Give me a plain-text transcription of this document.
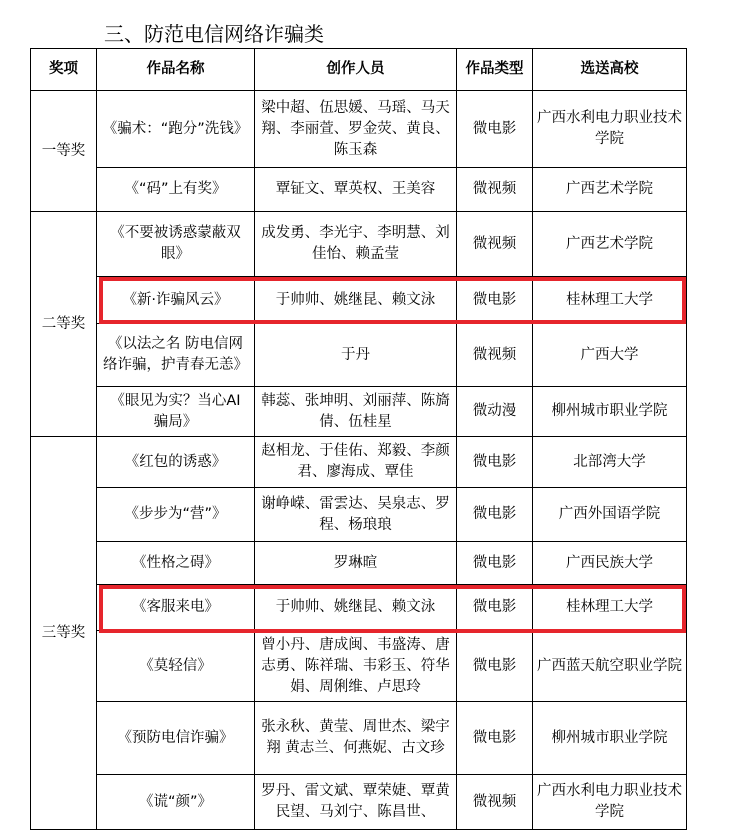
三、防范电信网络诈骗类
奖项	作品名称	创作人员	作品类型	选送高校
一等奖	《骗术：“跑分”洗钱》	梁中超、伍思媛、马瑶、马天翔、李丽萱、罗金荧、黄良、陈玉森	微电影	广西水利电力职业技术学院
	《“码”上有奖》	覃钲文、覃英权、王美容	微视频	广西艺术学院
二等奖	《不要被诱惑蒙蔽双眼》	成发勇、李光宇、李明慧、刘佳怡、赖孟莹	微视频	广西艺术学院
	《新·诈骗风云》	于帅帅、姚继昆、赖文泳	微电影	桂林理工大学
	《以法之名 防电信网络诈骗，护青春无恙》	于丹	微视频	广西大学
	《眼见为实？当心AI 骗局》	韩蕊、张坤明、刘丽萍、陈旖倩、伍桂星	微动漫	柳州城市职业学院
三等奖	《红包的诱惑》	赵相龙、于佳佑、郑毅、李颜君、廖海成、覃佳	微电影	北部湾大学
	《步步为“营”》	谢峥嵘、雷雲达、吴泉志、罗程、杨琅琅	微电影	广西外国语学院
	《性格之碍》	罗琳暄	微电影	广西民族大学
	《客服来电》	于帅帅、姚继昆、赖文泳	微电影	桂林理工大学
	《莫轻信》	曾小丹、唐成闽、韦盛涛、唐志勇、陈祥瑞、韦彩玉、符华娟、周俐维、卢思玲	微电影	广西蓝天航空职业学院
	《预防电信诈骗》	张永秋、黄莹、周世杰、梁宇翔 黄志兰、何燕妮、古文珍	微电影	柳州城市职业学院
	《谎“颜”》	罗丹、雷文斌、覃荣婕、覃黄民望、马刘宁、陈昌世、	微视频	广西水利电力职业技术学院
